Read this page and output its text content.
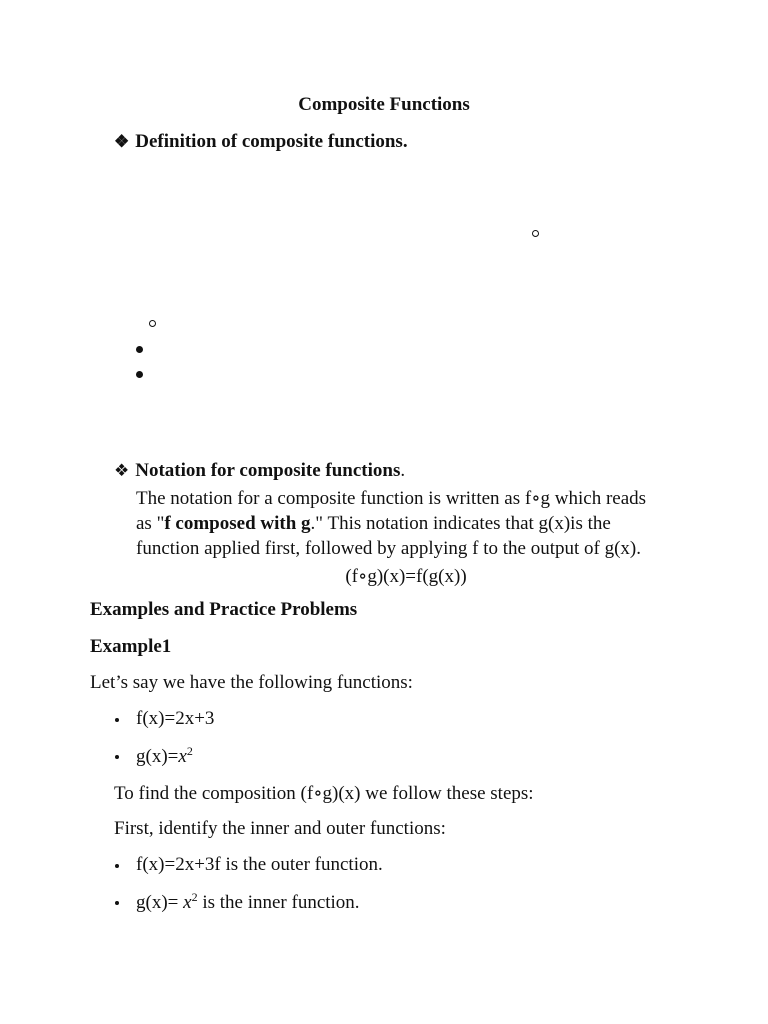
Composite Functions
❖ Definition of composite functions.
❖ Notation for composite functions.
The notation for a composite function is written as f∘g which reads
as "f composed with g." This notation indicates that g(x)is the
function applied first, followed by applying f to the output of g(x).
(f∘g)(x)=f(g(x))
Examples and Practice Problems
Example1
Let’s say we have the following functions:
f(x)=2x+3
$g(x)=x^2$
To find the composition (f∘g)(x) we follow these steps:
First, identify the inner and outer functions:
f(x)=2x+3f is the outer function.
$g(x)= x^2$ is the inner function.
